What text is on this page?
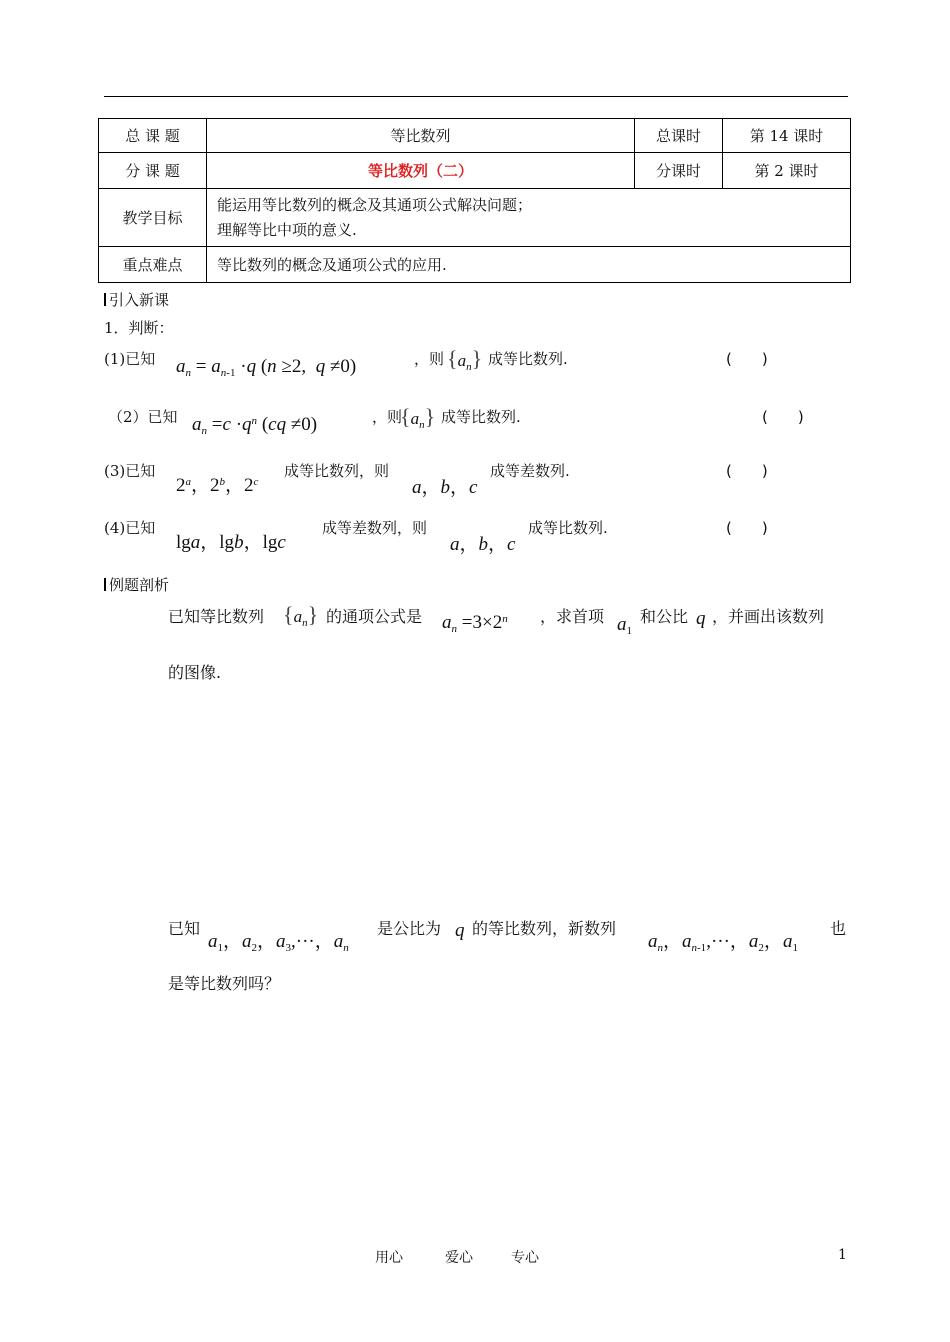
总 课 题	等比数列	总课时	第 14 课时
分 课 题	等比数列（二）	分课时	第 2 课时
教学目标	能运用等比数列的概念及其通项公式解决问题；
理解等比中项的意义.		

重点难点	等比数列的概念及通项公式的应用.		
引入新课
1．判断：
(1)已知 $a_n = a_{n-1} \cdot q$ (n ≥2, q ≠0)	，则 $\{a_n\}$ 成等比数列.	(　　)
（2）已知 $a_n =c \cdot q^n$ (cq ≠0)	，则
$\{a_n\}$ 成等比数列.	(　　)
(3)已知
2$^a$，2$^b$，2$^c$
成等比数列，则
a，b，c
成等差数列.	(　　)
(4)已知
lga，lgb，lgc
成等差数列，则
a，b，c
成等比数列.	(　　)
例题剖析
已知等比数列 $\{a_n\}$ 的通项公式是 $a_n =3\times 2^n$ ，求首项 $a_1$
和公比 q ，并画出该数列
的图像.
已知
$a_1$，$a_2$，$a_3,\cdot\cdot\cdot$，$a_n$
是公比为 q 的等比数列，新数列
$a_n$，$a_{n-1},\cdot\cdot\cdot$，$a_2$，$a_1$
也
是等比数列吗？
用心	爱心	专心	1
